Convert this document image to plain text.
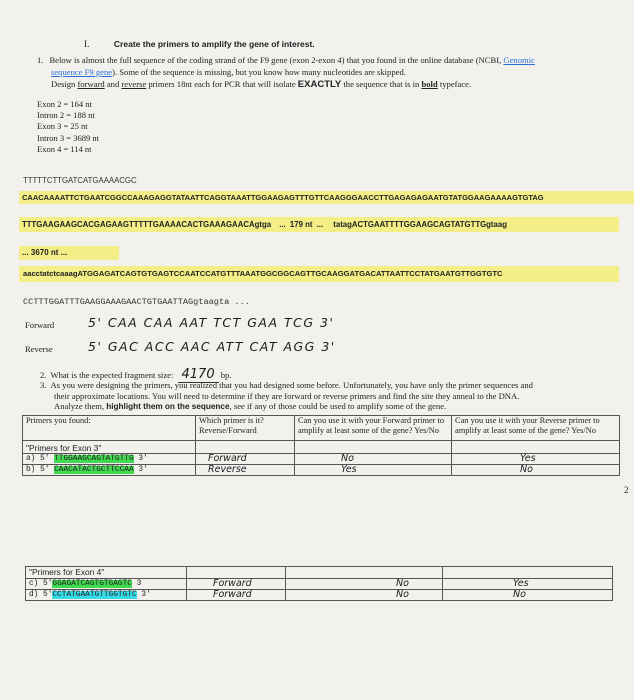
I.	Create the primers to amplify the gene of interest.
1. Below is almost the full sequence of the coding strand of the F9 gene (exon 2-exon 4) that you found in the online database (NCBI, Genomic
sequence F9 gene). Some of the sequence is missing, but you know how many nucleotides are skipped.
Design forward and reverse primers 18nt each for PCR that will isolate EXACTLY the sequence that is in bold typeface.
Exon 2 = 164 nt
Intron 2 = 188 nt
Exon 3 = 25 nt
Intron 3 = 3689 nt
Exon 4 = 114 nt
TTTTTCTTGATCATGAAAACGC
CAACAAAATTCTGAATCGGCCAAAGAGGTATAATTCAGGTAAATTGGAAGAGTTTGTTCAAGGGAACCTTGAGAGAGAATGTATGGAAGAAAAGTGTAG
TTTGAAGAAGCACGAGAAGTTTTTGAAAACACTGAAAGAACAgtga ... 179 nt ... tatagACTGAATTTTGGAAGCAGTATGTTGgtaag
... 3670 nt ...
aacctatctcaaagATGGAGATCAGTGTGAGTCCAATCCATGTTTAAATGGCGGCAGTTGCAAGGATGACATTAATTCCTATGAATGTTGGTGTC
CCTTTGGATTTGAAGGAAAGAACTGTGAATTAGgtaagta ...
Forward	5' CAA CAA AAT TCT GAA TCG 3'
Reverse	5' GAC ACC AAC ATT CAT AGG 3'
2. What is the expected fragment size: 4170 bp.
3. As you were designing the primers, you realized that you had designed some before. Unfortunately, you have only the primer sequences and
their approximate locations. You will need to determine if they are forward or reverse primers and find the site they anneal to the DNA.
Analyze them, highlight them on the sequence, see if any of those could be used to amplify some of the gene.
Primers you found:	Which primer is it? Reverse/Forward	Can you use it with your Forward primer to amplify at least some of the gene? Yes/No	Can you use it with your Reverse primer to amplify at least some of the gene? Yes/No
"Primers for Exon 3"			
a) 5' TTGGAAGCAGTATGTTG 3'	Forward	No	Yes
b) 5' CAACATACTGCTTCCAA 3'	Reverse	Yes	No
2
"Primers for Exon 4"			
c) 5'GGAGATCAGTGTGAGTC 3	Forward	No	Yes
d) 5'CCTATGAATGTTGGTGTC 3'	Forward	No	No
